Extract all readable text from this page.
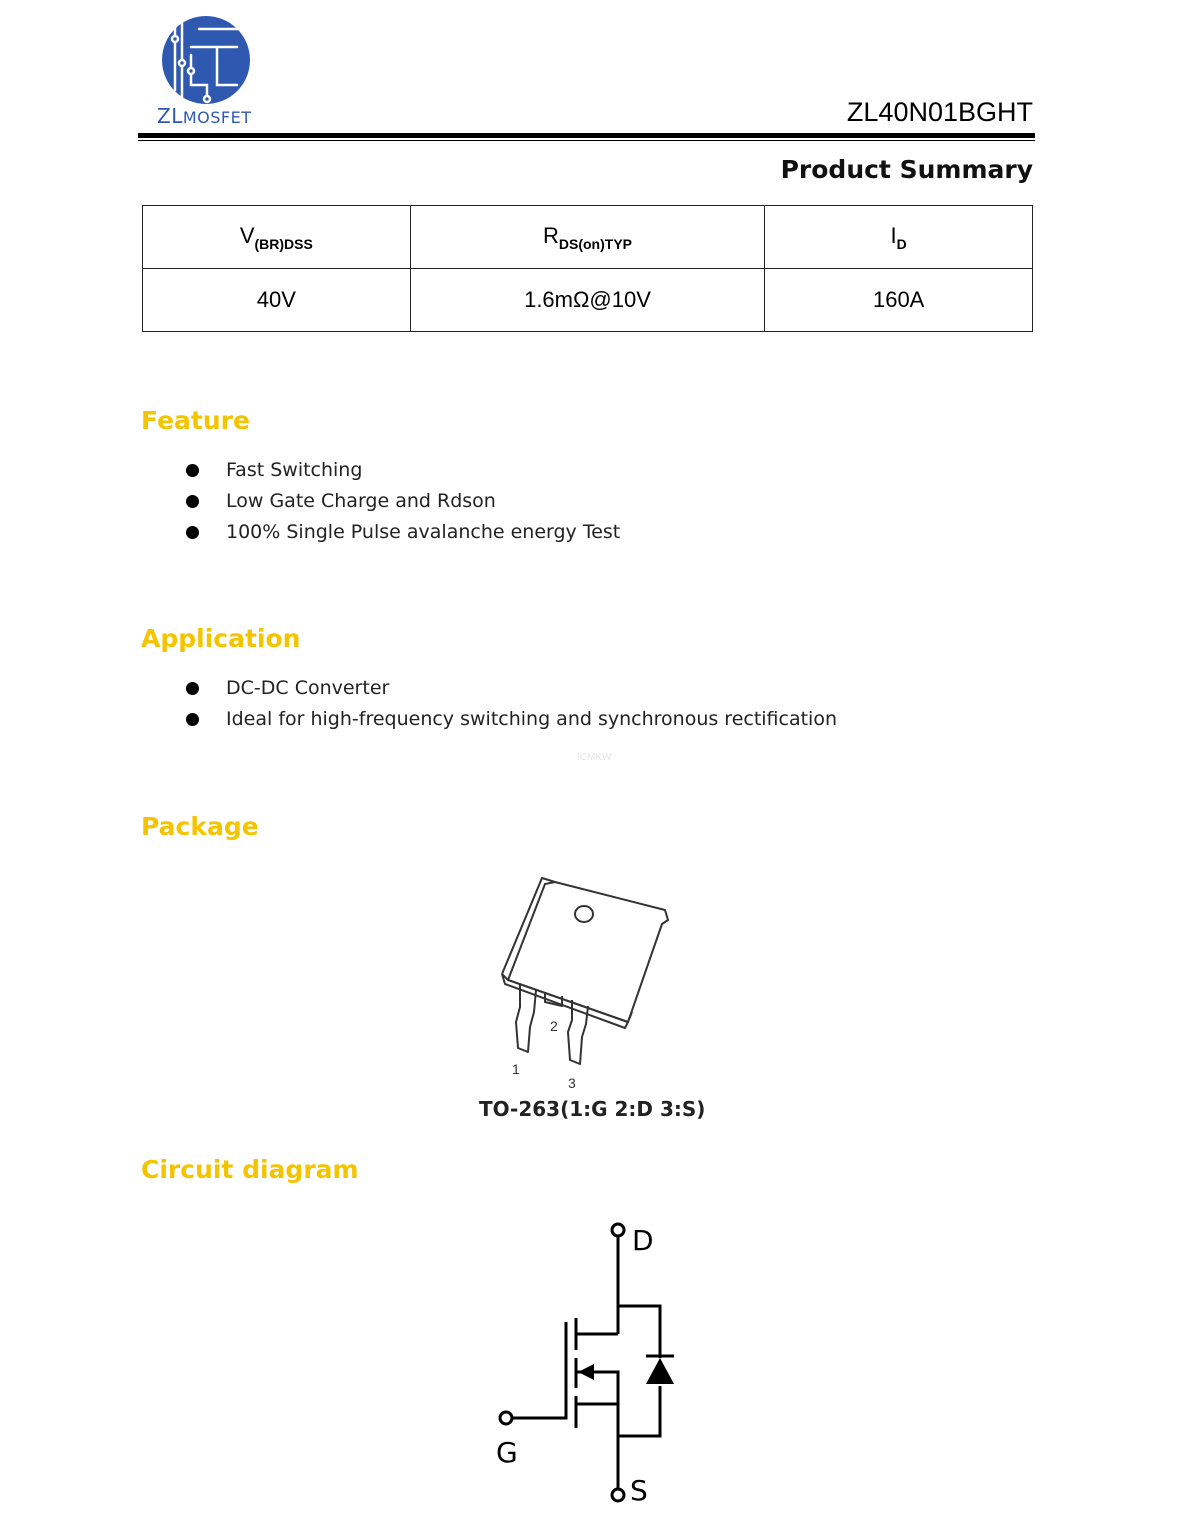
ZLMOSFET	ZL40N01BGHT
Product Summary
$V_{(BR)DSS}$	$R_{DS(on)TYP}$	$I_D$
40V	1.6mΩ@10V	160A
Feature
Fast Switching
Low Gate Charge and Rdson
100% Single Pulse avalanche energy Test
Application
DC-DC Converter
Ideal for high-frequency switching and synchronous rectification
ICMKW
Package
1
2
3
TO-263(1:G 2:D 3:S)
Circuit diagram
D
G
S
